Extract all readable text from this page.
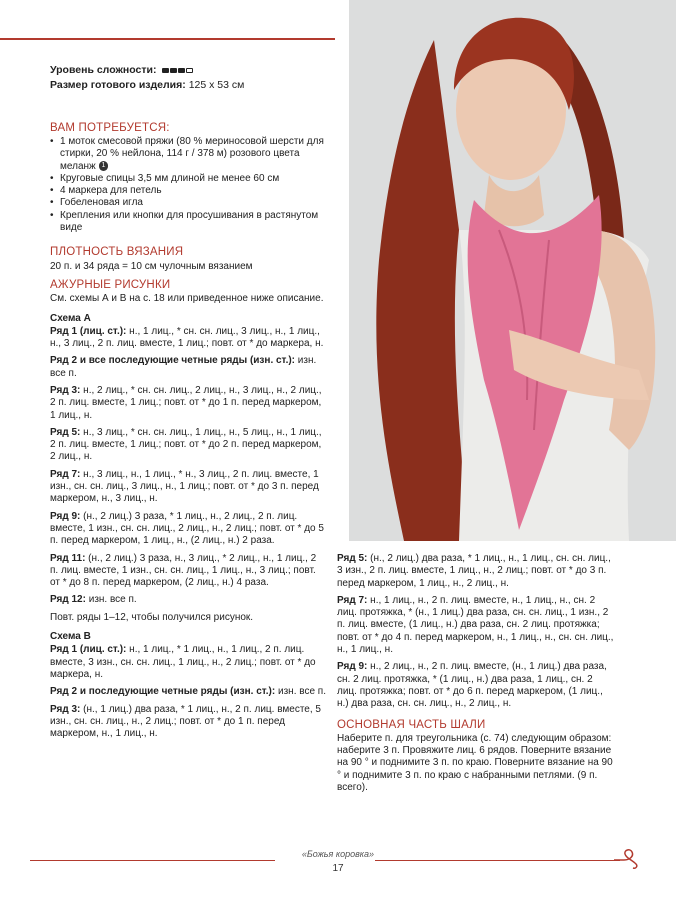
Уровень сложности:

Размер готового изделия: 125 х 53 см

ВАМ ПОТРЕБУЕТСЯ:
• 1 моток смесовой пряжи (80 % мериносовой шерсти для стирки, 20 % нейлона, 114 г / 378 м) розового цвета меланж 1
• Круговые спицы 3,5 мм длиной не менее 60 см
• 4 маркера для петель
• Гобеленовая игла
• Крепления или кнопки для просушивания в растянутом виде
ПЛОТНОСТЬ ВЯЗАНИЯ

20 п. и 34 ряда = 10 см чулочным вязанием

АЖУРНЫЕ РИСУНКИ

См. схемы А и В на с. 18 или приведенное ниже описание.

Схема А

Ряд 1 (лиц. ст.): н., 1 лиц., * сн. сн. лиц., 3 лиц., н., 1 лиц., н., 3 лиц., 2 п. лиц. вместе, 1 лиц.; повт. от * до маркера, н.

Ряд 2 и все последующие четные ряды (изн. ст.): изн. все п.

Ряд 3: н., 2 лиц., * сн. сн. лиц., 2 лиц., н., 3 лиц., н., 2 лиц., 2 п. лиц. вместе, 1 лиц.; повт. от * до 1 п. перед маркером, 1 лиц., н.

Ряд 5: н., 3 лиц., * сн. сн. лиц., 1 лиц., н., 5 лиц., н., 1 лиц., 2 п. лиц. вместе, 1 лиц.; повт. от * до 2 п. перед маркером, 2 лиц., н.

Ряд 7: н., 3 лиц., н., 1 лиц., * н., 3 лиц., 2 п. лиц. вместе, 1 изн., сн. сн. лиц., 3 лиц., н., 1 лиц.; повт. от * до 3 п. перед маркером, н., 3 лиц., н.

Ряд 9: (н., 2 лиц.) 3 раза, * 1 лиц., н., 2 лиц., 2 п. лиц. вместе, 1 изн., сн. сн. лиц., 2 лиц., н., 2 лиц.; повт. от * до 5 п. перед маркером, 1 лиц., н., (2 лиц., н.) 2 раза.

Ряд 11: (н., 2 лиц.) 3 раза, н., 3 лиц., * 2 лиц., н., 1 лиц., 2 п. лиц. вместе, 1 изн., сн. сн. лиц., 1 лиц., н., 3 лиц.; повт. от * до 8 п. перед маркером, (2 лиц., н.) 4 раза.

Ряд 12: изн. все п.

Повт. ряды 1–12, чтобы получился рисунок.

Схема В

Ряд 1 (лиц. ст.): н., 1 лиц., * 1 лиц., н., 1 лиц., 2 п. лиц. вместе, 3 изн., сн. сн. лиц., 1 лиц., н., 2 лиц.; повт. от * до маркера, н.

Ряд 2 и последующие четные ряды (изн. ст.): изн. все п.

Ряд 3: (н., 1 лиц.) два раза, * 1 лиц., н., 2 п. лиц. вместе, 5 изн., сн. сн. лиц., н., 2 лиц.; повт. от * до 1 п. перед маркером, н., 1 лиц., н.

Ряд 5: (н., 2 лиц.) два раза, * 1 лиц., н., 1 лиц., сн. сн. лиц., 3 изн., 2 п. лиц. вместе, 1 лиц., н., 2 лиц.; повт. от * до 3 п. перед маркером, 1 лиц., н., 2 лиц., н.

Ряд 7: н., 1 лиц., н., 2 п. лиц. вместе, н., 1 лиц., н., сн. 2 лиц. протяжка, * (н., 1 лиц.) два раза, сн. сн. лиц., 1 изн., 2 п. лиц. вместе, (1 лиц., н.) два раза, сн. 2 лиц. протяжка; повт. от * до 4 п. перед маркером, н., 1 лиц., н., сн. сн. лиц., н., 1 лиц., н.

Ряд 9: н., 2 лиц., н., 2 п. лиц. вместе, (н., 1 лиц.) два раза, сн. 2 лиц. протяжка, * (1 лиц., н.) два раза, 1 лиц., сн. 2 лиц. протяжка; повт. от * до 6 п. перед маркером, (1 лиц., н.) два раза, сн. сн. лиц., н., 2 лиц., н.

ОСНОВНАЯ ЧАСТЬ ШАЛИ

Наберите п. для треугольника (с. 74) следующим образом: наберите 3 п. Провяжите лиц. 6 рядов. Поверните вязание на 90 ° и поднимите 3 п. по краю. Поверните вязание на 90 ° и поднимите 3 п. по краю с набранными петлями. (9 п. всего).

«Божья коровка»
17
